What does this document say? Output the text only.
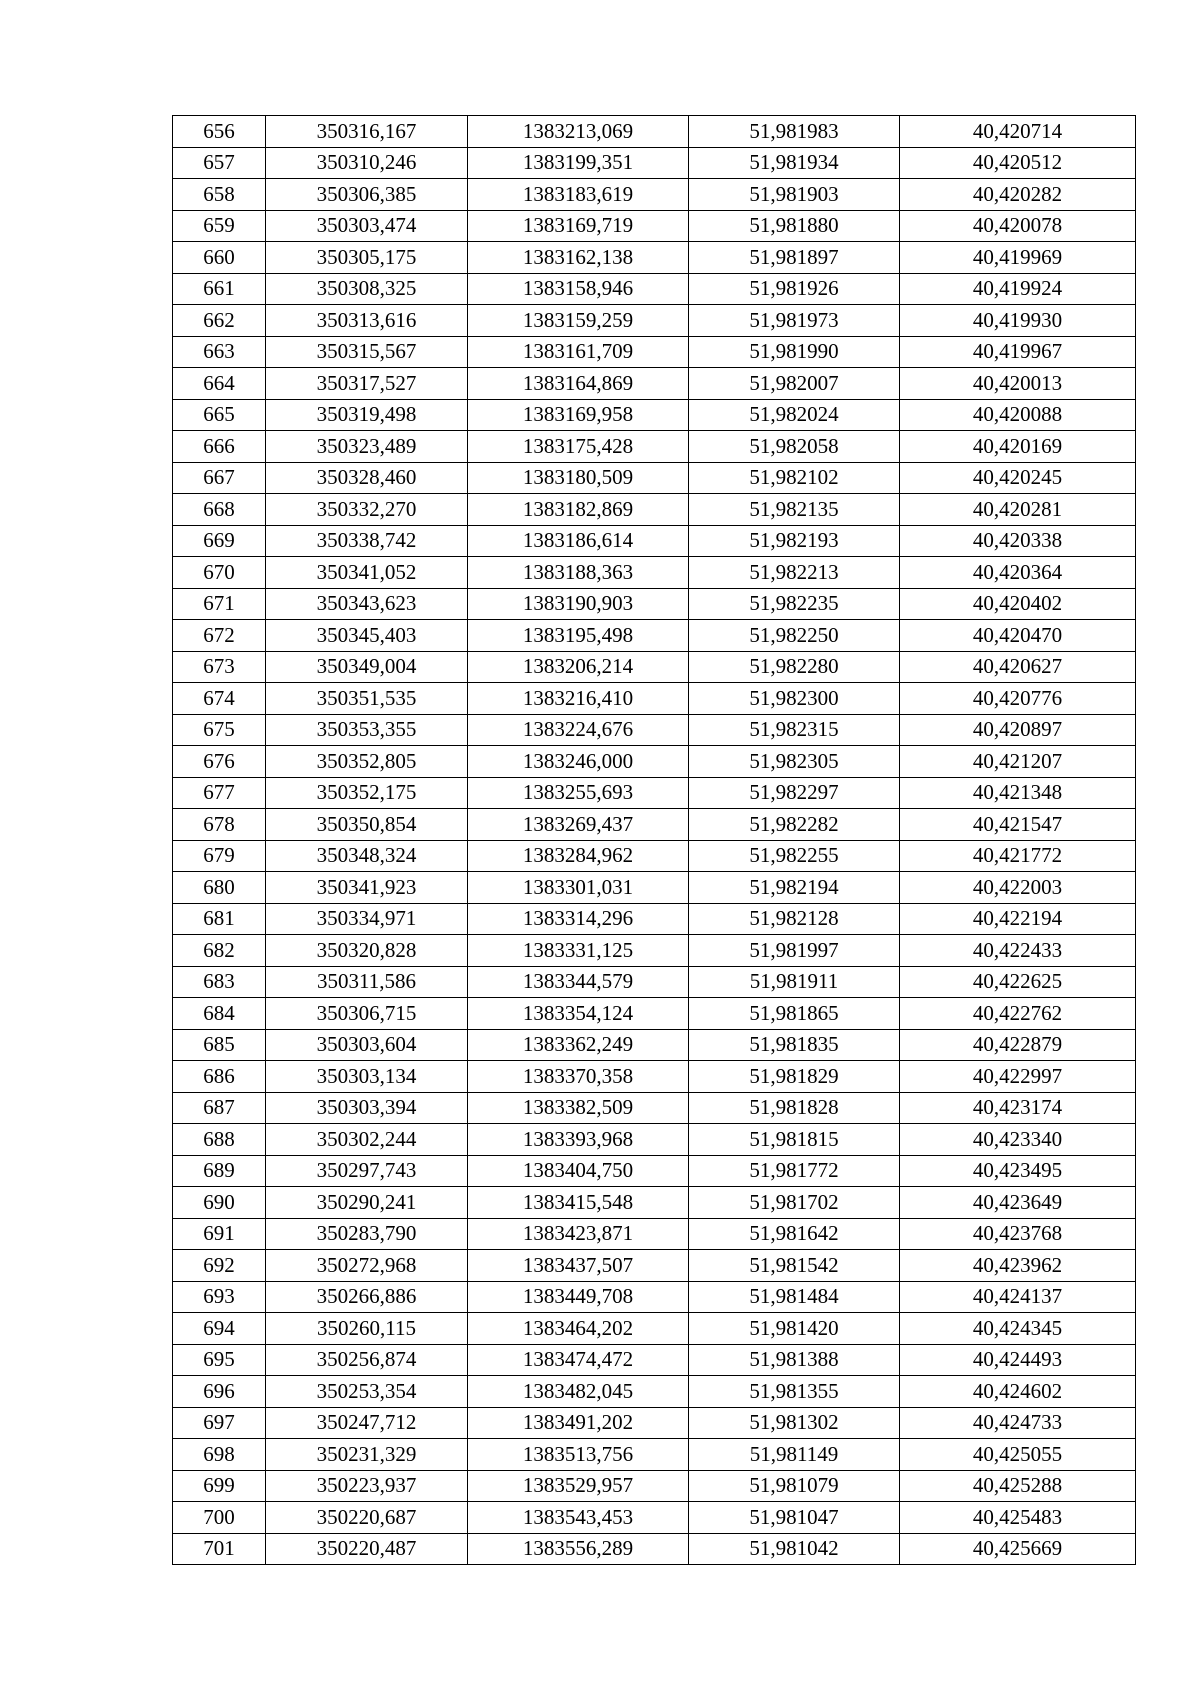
656	350316,167	1383213,069	51,981983	40,420714
657	350310,246	1383199,351	51,981934	40,420512
658	350306,385	1383183,619	51,981903	40,420282
659	350303,474	1383169,719	51,981880	40,420078
660	350305,175	1383162,138	51,981897	40,419969
661	350308,325	1383158,946	51,981926	40,419924
662	350313,616	1383159,259	51,981973	40,419930
663	350315,567	1383161,709	51,981990	40,419967
664	350317,527	1383164,869	51,982007	40,420013
665	350319,498	1383169,958	51,982024	40,420088
666	350323,489	1383175,428	51,982058	40,420169
667	350328,460	1383180,509	51,982102	40,420245
668	350332,270	1383182,869	51,982135	40,420281
669	350338,742	1383186,614	51,982193	40,420338
670	350341,052	1383188,363	51,982213	40,420364
671	350343,623	1383190,903	51,982235	40,420402
672	350345,403	1383195,498	51,982250	40,420470
673	350349,004	1383206,214	51,982280	40,420627
674	350351,535	1383216,410	51,982300	40,420776
675	350353,355	1383224,676	51,982315	40,420897
676	350352,805	1383246,000	51,982305	40,421207
677	350352,175	1383255,693	51,982297	40,421348
678	350350,854	1383269,437	51,982282	40,421547
679	350348,324	1383284,962	51,982255	40,421772
680	350341,923	1383301,031	51,982194	40,422003
681	350334,971	1383314,296	51,982128	40,422194
682	350320,828	1383331,125	51,981997	40,422433
683	350311,586	1383344,579	51,981911	40,422625
684	350306,715	1383354,124	51,981865	40,422762
685	350303,604	1383362,249	51,981835	40,422879
686	350303,134	1383370,358	51,981829	40,422997
687	350303,394	1383382,509	51,981828	40,423174
688	350302,244	1383393,968	51,981815	40,423340
689	350297,743	1383404,750	51,981772	40,423495
690	350290,241	1383415,548	51,981702	40,423649
691	350283,790	1383423,871	51,981642	40,423768
692	350272,968	1383437,507	51,981542	40,423962
693	350266,886	1383449,708	51,981484	40,424137
694	350260,115	1383464,202	51,981420	40,424345
695	350256,874	1383474,472	51,981388	40,424493
696	350253,354	1383482,045	51,981355	40,424602
697	350247,712	1383491,202	51,981302	40,424733
698	350231,329	1383513,756	51,981149	40,425055
699	350223,937	1383529,957	51,981079	40,425288
700	350220,687	1383543,453	51,981047	40,425483
701	350220,487	1383556,289	51,981042	40,425669
